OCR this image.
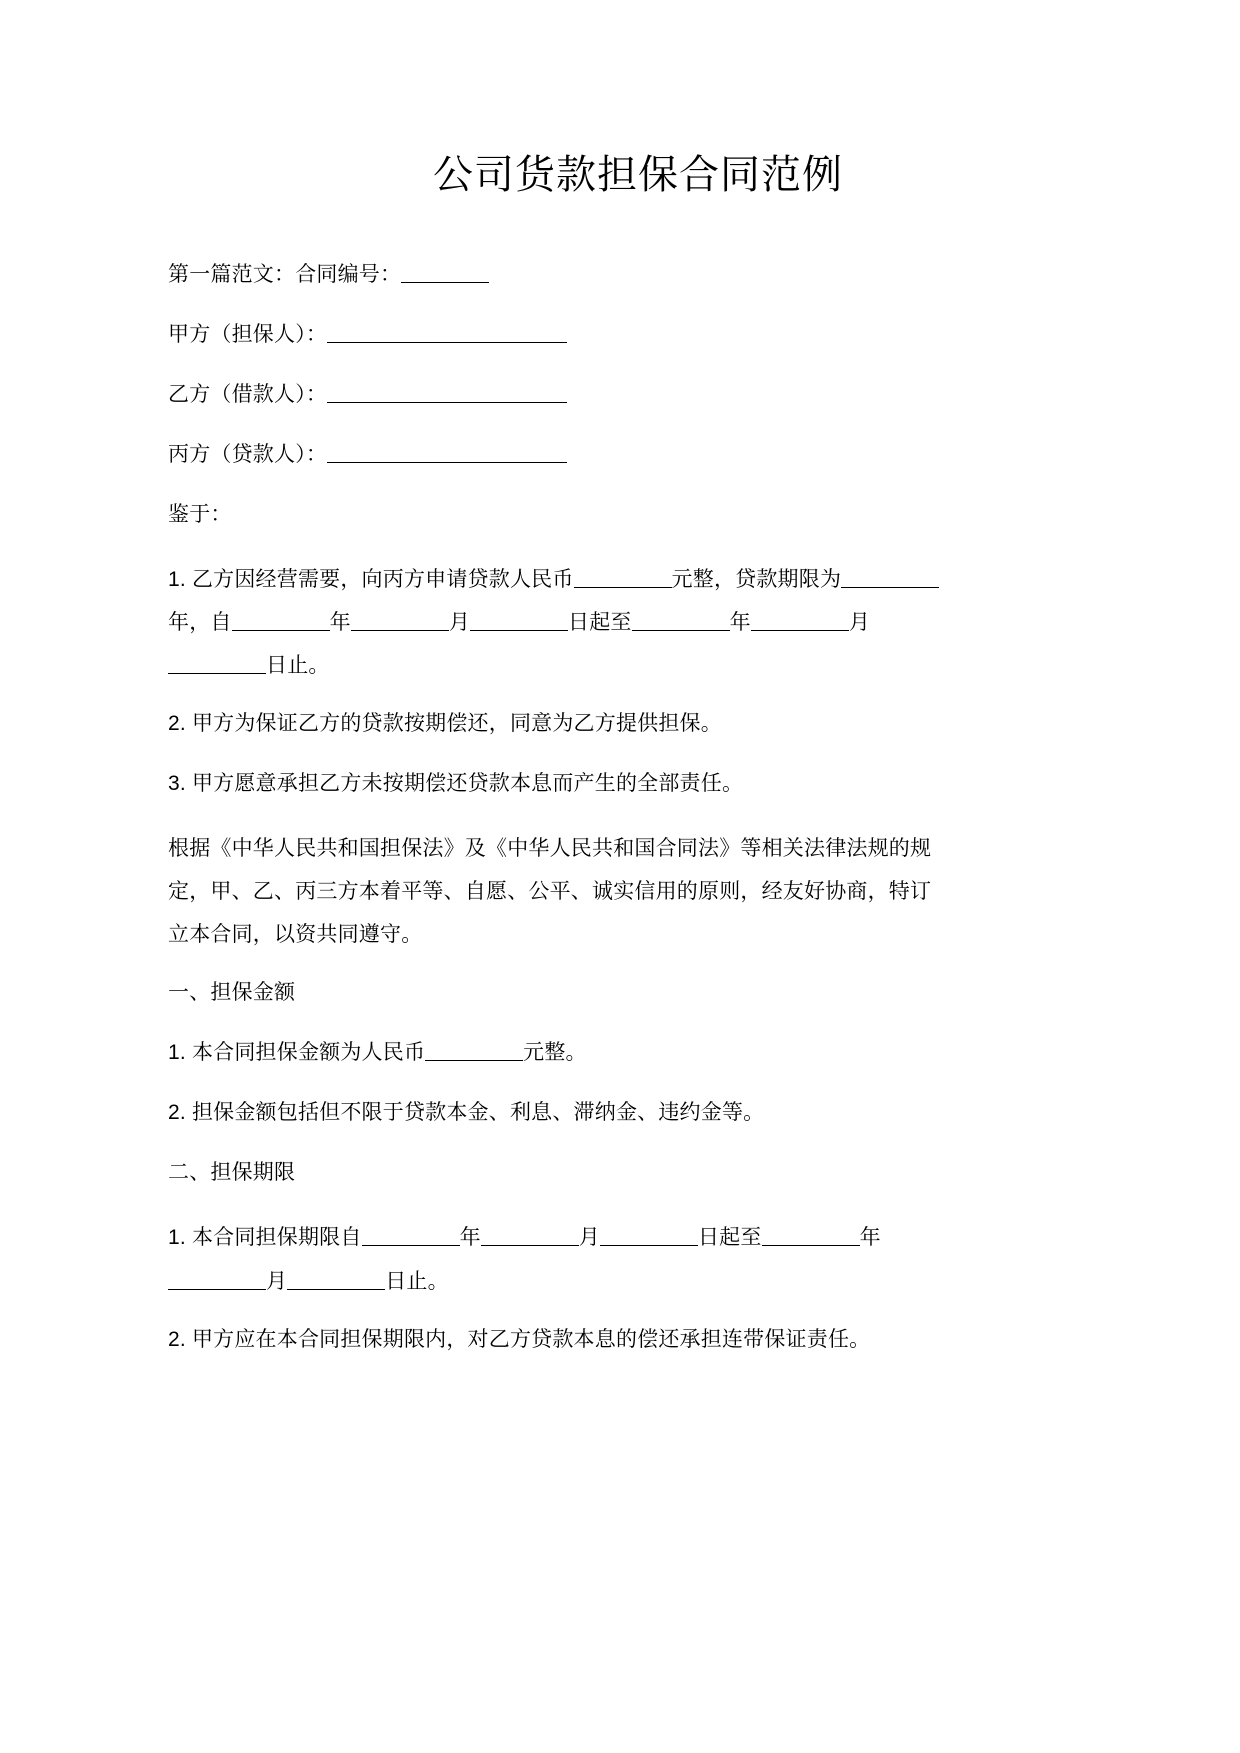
公司货款担保合同范例

第一篇范文：合同编号：

甲方（担保人）：

乙方（借款人）：

丙方（贷款人）：

鉴于：

1. 乙方因经营需要，向丙方申请贷款人民币	元整，贷款期限为年，自	年	月	日起至	年	月日止。

2. 甲方为保证乙方的贷款按期偿还，同意为乙方提供担保。

3. 甲方愿意承担乙方未按期偿还贷款本息而产生的全部责任。

根据《中华人民共和国担保法》及《中华人民共和国合同法》等相关法律法规的规定，甲、乙、丙三方本着平等、自愿、公平、诚实信用的原则，经友好协商，特订立本合同，以资共同遵守。

一、担保金额

1. 本合同担保金额为人民币	元整。

2. 担保金额包括但不限于贷款本金、利息、滞纳金、违约金等。

二、担保期限

1. 本合同担保期限自	年	月	日起至	年月	日止。

2. 甲方应在本合同担保期限内，对乙方贷款本息的偿还承担连带保证责任。
